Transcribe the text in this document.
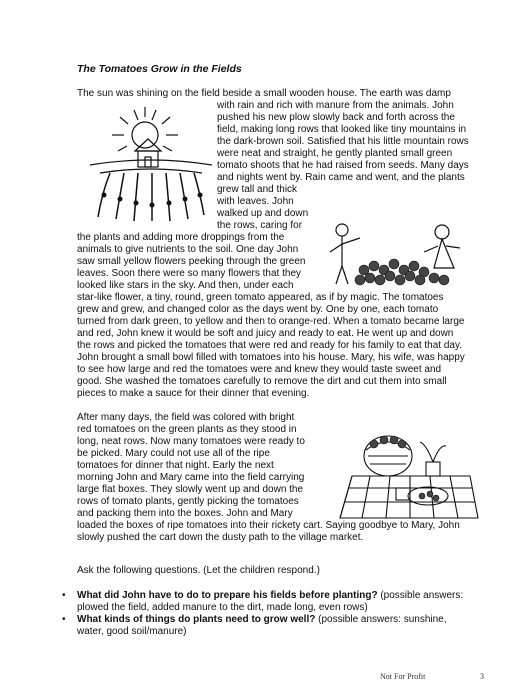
The Tomatoes Grow in the Fields
The sun was shining on the field beside a small wooden house. The earth was damp
with rain and rich with manure from the animals. John
pushed his new plow slowly back and forth across the
field, making long rows that looked like tiny mountains in
the dark-brown soil. Satisfied that his little mountain rows
were neat and straight, he gently planted small green
tomato shoots that he had raised from seeds. Many days
and nights went by. Rain came and went, and the plants
grew tall and thick
with leaves. John
walked up and down
the rows, caring for
the plants and adding more droppings from the
animals to give nutrients to the soil. One day John
saw small yellow flowers peeking through the green
leaves. Soon there were so many flowers that they
looked like stars in the sky. And then, under each
star-like flower, a tiny, round, green tomato appeared, as if by magic. The tomatoes
grew and grew, and changed color as the days went by. One by one, each tomato
turned from dark green, to yellow and then to orange-red. When a tomato became large
and red, John knew it would be soft and juicy and ready to eat. He went up and down
the rows and picked the tomatoes that were red and ready for his family to eat that day.
John brought a small bowl filled with tomatoes into his house. Mary, his wife, was happy
to see how large and red the tomatoes were and knew they would taste sweet and
good. She washed the tomatoes carefully to remove the dirt and cut them into small
pieces to make a sauce for their dinner that evening.
After many days, the field was colored with bright
red tomatoes on the green plants as they stood in
long, neat rows. Now many tomatoes were ready to
be picked. Mary could not use all of the ripe
tomatoes for dinner that night. Early the next
morning John and Mary came into the field carrying
large flat boxes. They slowly went up and down the
rows of tomato plants, gently picking the tomatoes
and packing them into the boxes. John and Mary
loaded the boxes of ripe tomatoes into their rickety cart. Saying goodbye to Mary, John
slowly pushed the cart down the dusty path to the village market.
Ask the following questions. (Let the children respond.)
• What did John have to do to prepare his fields before planting? (possible answers:
plowed the field, added manure to the dirt, made long, even rows)
• What kinds of things do plants need to grow well? (possible answers: sunshine,
water, good soil/manure)
Not For Profit	3
